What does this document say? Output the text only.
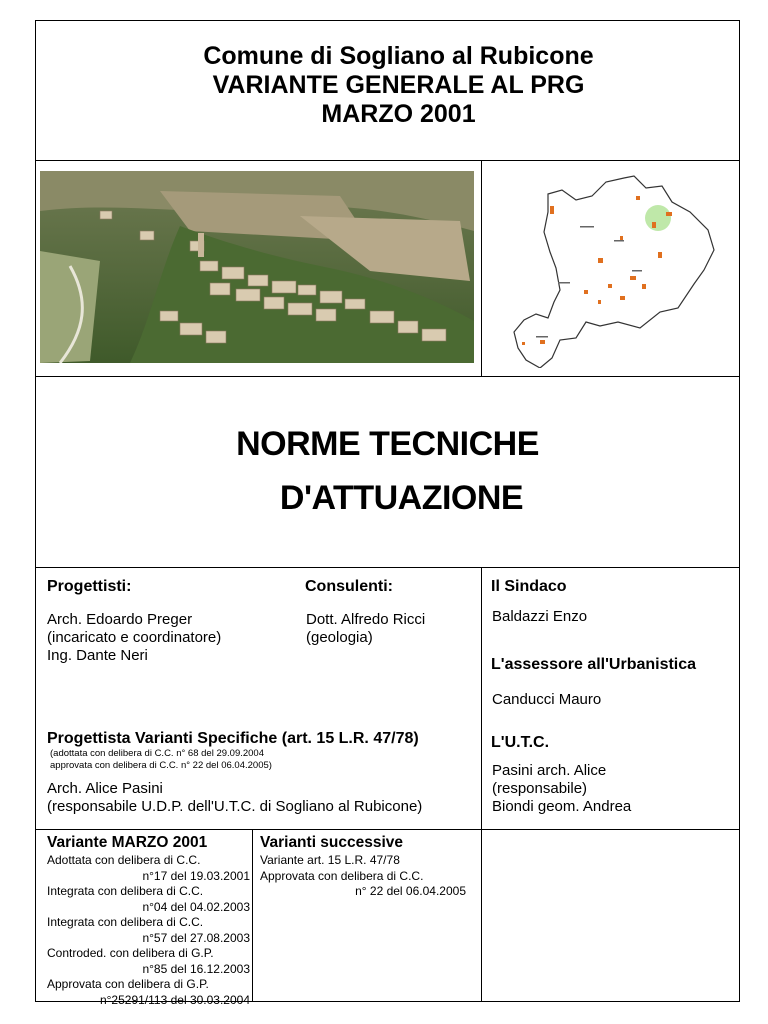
Comune di Sogliano al Rubicone
VARIANTE GENERALE AL PRG
MARZO 2001
NORME TECNICHE
D'ATTUAZIONE
Progettisti:
Arch. Edoardo Preger
(incaricato e coordinatore)
Ing. Dante Neri
Consulenti:
Dott. Alfredo Ricci
(geologia)
Il Sindaco
Baldazzi Enzo
L'assessore all'Urbanistica
Canducci Mauro
L'U.T.C.
Pasini arch. Alice
(responsabile)
Biondi geom. Andrea
Progettista Varianti Specifiche (art. 15 L.R. 47/78)
(adottata con delibera di C.C. n° 68 del 29.09.2004
approvata con delibera di C.C. n° 22 del 06.04.2005)
Arch. Alice Pasini
(responsabile U.D.P. dell'U.T.C. di Sogliano al Rubicone)
Variante MARZO 2001
Adottata con delibera di C.C.
n°17 del 19.03.2001
Integrata con delibera di C.C.
n°04 del 04.02.2003
Integrata con delibera di C.C.
n°57 del 27.08.2003
Controded. con delibera di G.P.
n°85 del 16.12.2003
Approvata con delibera di G.P.
n°25291/113 del 30.03.2004
Varianti successive
Variante art. 15 L.R. 47/78
Approvata con delibera di C.C.
n° 22 del 06.04.2005
